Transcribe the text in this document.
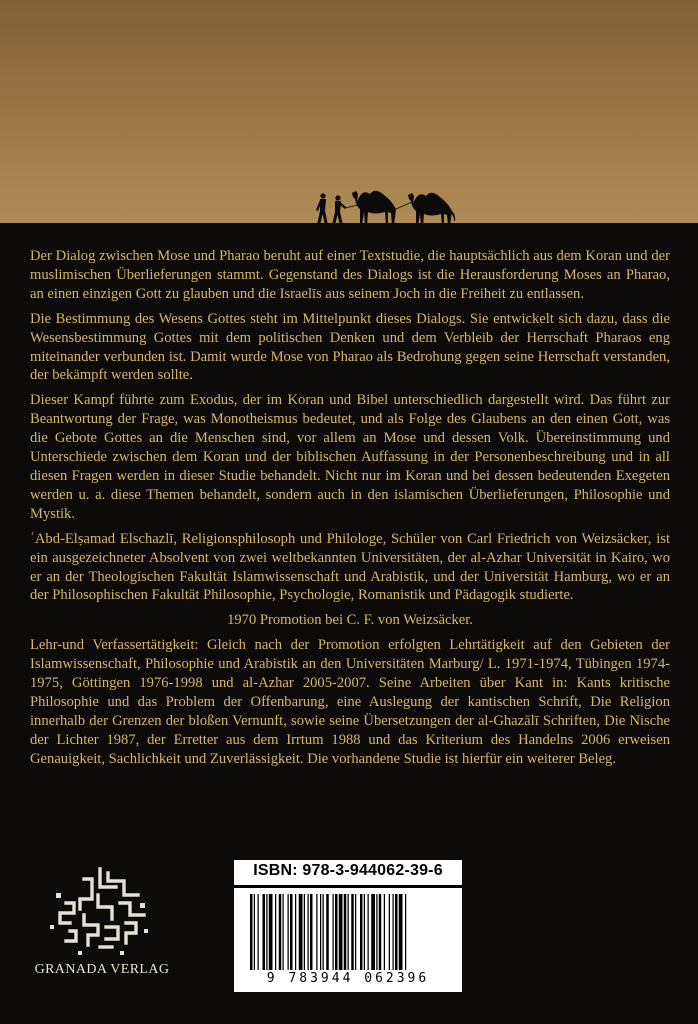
Der Dialog zwischen Mose und Pharao beruht auf einer Textstudie, die hauptsächlich aus dem Koran und der muslimischen Überlieferungen stammt. Gegenstand des Dialogs ist die Herausforderung Moses an Pharao, an einen einzigen Gott zu glauben und die Israelīs aus seinem Joch in die Freiheit zu entlassen.

Die Bestimmung des Wesens Gottes steht im Mittelpunkt dieses Dialogs. Sie entwickelt sich dazu, dass die Wesensbestimmung Gottes mit dem politischen Denken und dem Verbleib der Herrschaft Pharaos eng miteinander verbunden ist. Damit wurde Mose von Pharao als Bedrohung gegen seine Herrschaft verstanden, der bekämpft werden sollte.

Dieser Kampf führte zum Exodus, der im Koran und Bibel unterschiedlich dargestellt wird. Das führt zur Beantwortung der Frage, was Monotheismus bedeutet, und als Folge des Glaubens an den einen Gott, was die Gebote Gottes an die Menschen sind, vor allem an Mose und dessen Volk. Übereinstimmung und Unterschiede zwischen dem Koran und der biblischen Auffassung in der Personenbeschreibung und in all diesen Fragen werden in dieser Studie behandelt. Nicht nur im Koran und bei dessen bedeutenden Exegeten werden u. a. diese Themen behandelt, sondern auch in den islamischen Überlieferungen, Philosophie und Mystik.

ʿAbd-Elṣamad Elschazlī, Religionsphilosoph und Philologe, Schüler von Carl Friedrich von Weizsäcker, ist ein ausgezeichneter Absolvent von zwei weltbekannten Universitäten, der al-Azhar Universität in Kairo, wo er an der Theologischen Fakultät Islamwissenschaft und Arabistik, und der Universität Hamburg, wo er an der Philosophischen Fakultät Philosophie, Psychologie, Romanistik und Pädagogik studierte.

1970 Promotion bei C. F. von Weizsäcker.

Lehr-und Verfassertätigkeit: Gleich nach der Promotion erfolgten Lehrtätigkeit auf den Gebieten der Islamwissenschaft, Philosophie und Arabistik an den Universitäten Marburg/ L. 1971-1974, Tübingen 1974-1975, Göttingen 1976-1998 und al-Azhar 2005-2007. Seine Arbeiten über Kant in: Kants kritische Philosophie und das Problem der Offenbarung, eine Auslegung der kantischen Schrift, Die Religion innerhalb der Grenzen der bloßen Vernunft, sowie seine Übersetzungen der al-Ghazālī Schriften, Die Nische der Lichter 1987, der Erretter aus dem Irrtum 1988 und das Kriterium des Handelns 2006 erweisen Genauigkeit, Sachlichkeit und Zuverlässigkeit. Die vorhandene Studie ist hierfür ein weiterer Beleg.

GRANADA VERLAG
ISBN: 978-3-944062-39-6
9 783944 062396
